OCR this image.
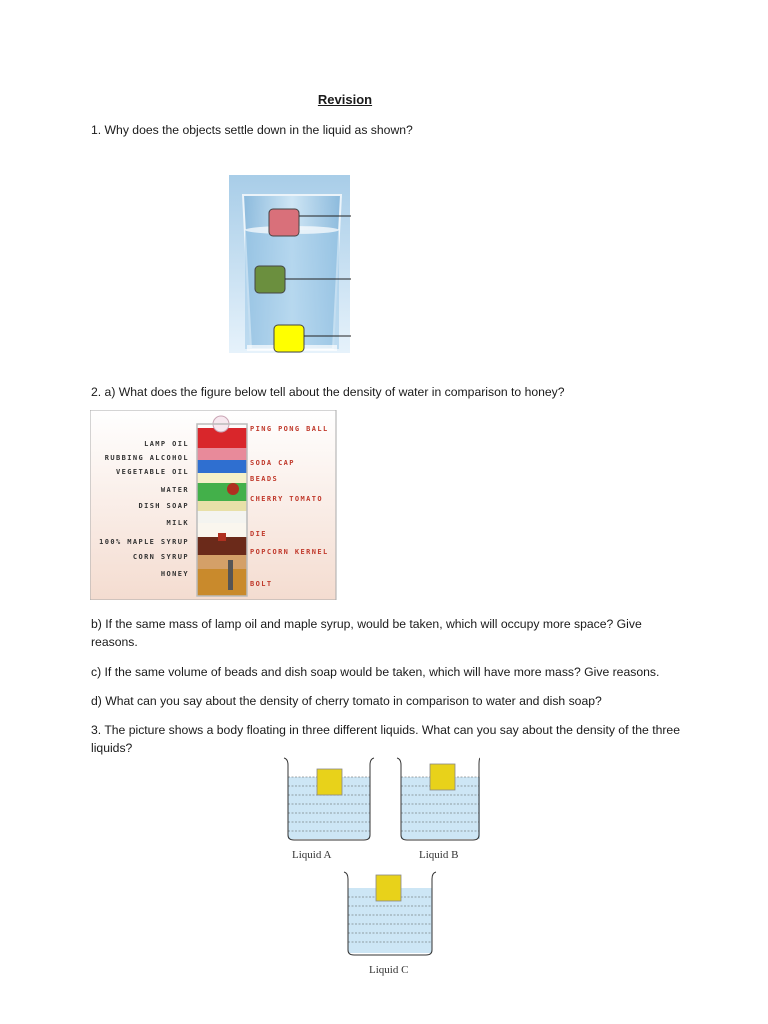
Revision
1. Why does the objects settle down in the liquid as shown?
2. a) What does the figure below tell about the density of water in comparison to honey?
LAMP OIL
RUBBING ALCOHOL
VEGETABLE OIL
WATER
DISH SOAP
MILK
100% MAPLE SYRUP
CORN SYRUP
HONEY
PING PONG BALL
SODA CAP
BEADS
CHERRY TOMATO
DIE
POPCORN KERNEL
BOLT
b) If the same mass of lamp oil and maple syrup, would be taken, which will occupy more space? Give reasons.
c) If the same volume of beads and dish soap would be taken, which will have more mass? Give reasons.
d) What can you say about the density of cherry tomato in comparison to water and dish soap?
3. The picture shows a body floating in three different liquids. What can you say about the density of the three liquids?
Liquid A	Liquid B
Liquid C
